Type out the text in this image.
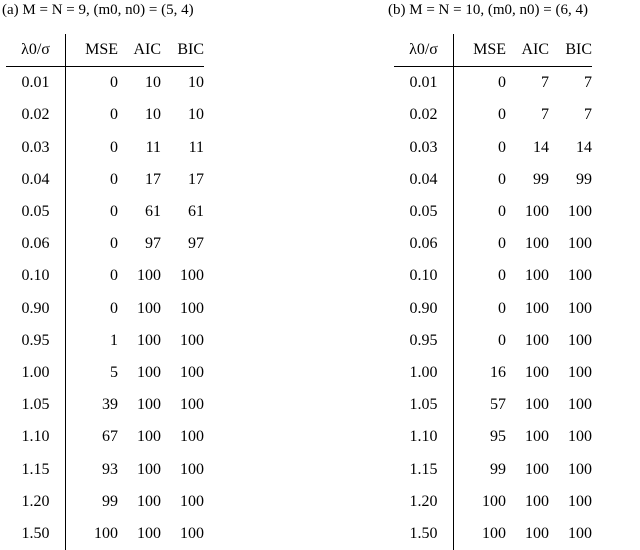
(a) M = N = 9, (m0, n0) = (5, 4)	(b) M = N = 10, (m0, n0) = (6, 4)
λ0/σ	MSE	AIC	BIC
0.01	0	10	10
0.02	0	10	10
0.03	0	11	11
0.04	0	17	17
0.05	0	61	61
0.06	0	97	97
0.10	0	100	100
0.90	0	100	100
0.95	1	100	100
1.00	5	100	100
1.05	39	100	100
1.10	67	100	100
1.15	93	100	100
1.20	99	100	100
1.50	100	100	100
λ0/σ	MSE	AIC	BIC
0.01	0	7	7
0.02	0	7	7
0.03	0	14	14
0.04	0	99	99
0.05	0	100	100
0.06	0	100	100
0.10	0	100	100
0.90	0	100	100
0.95	0	100	100
1.00	16	100	100
1.05	57	100	100
1.10	95	100	100
1.15	99	100	100
1.20	100	100	100
1.50	100	100	100
